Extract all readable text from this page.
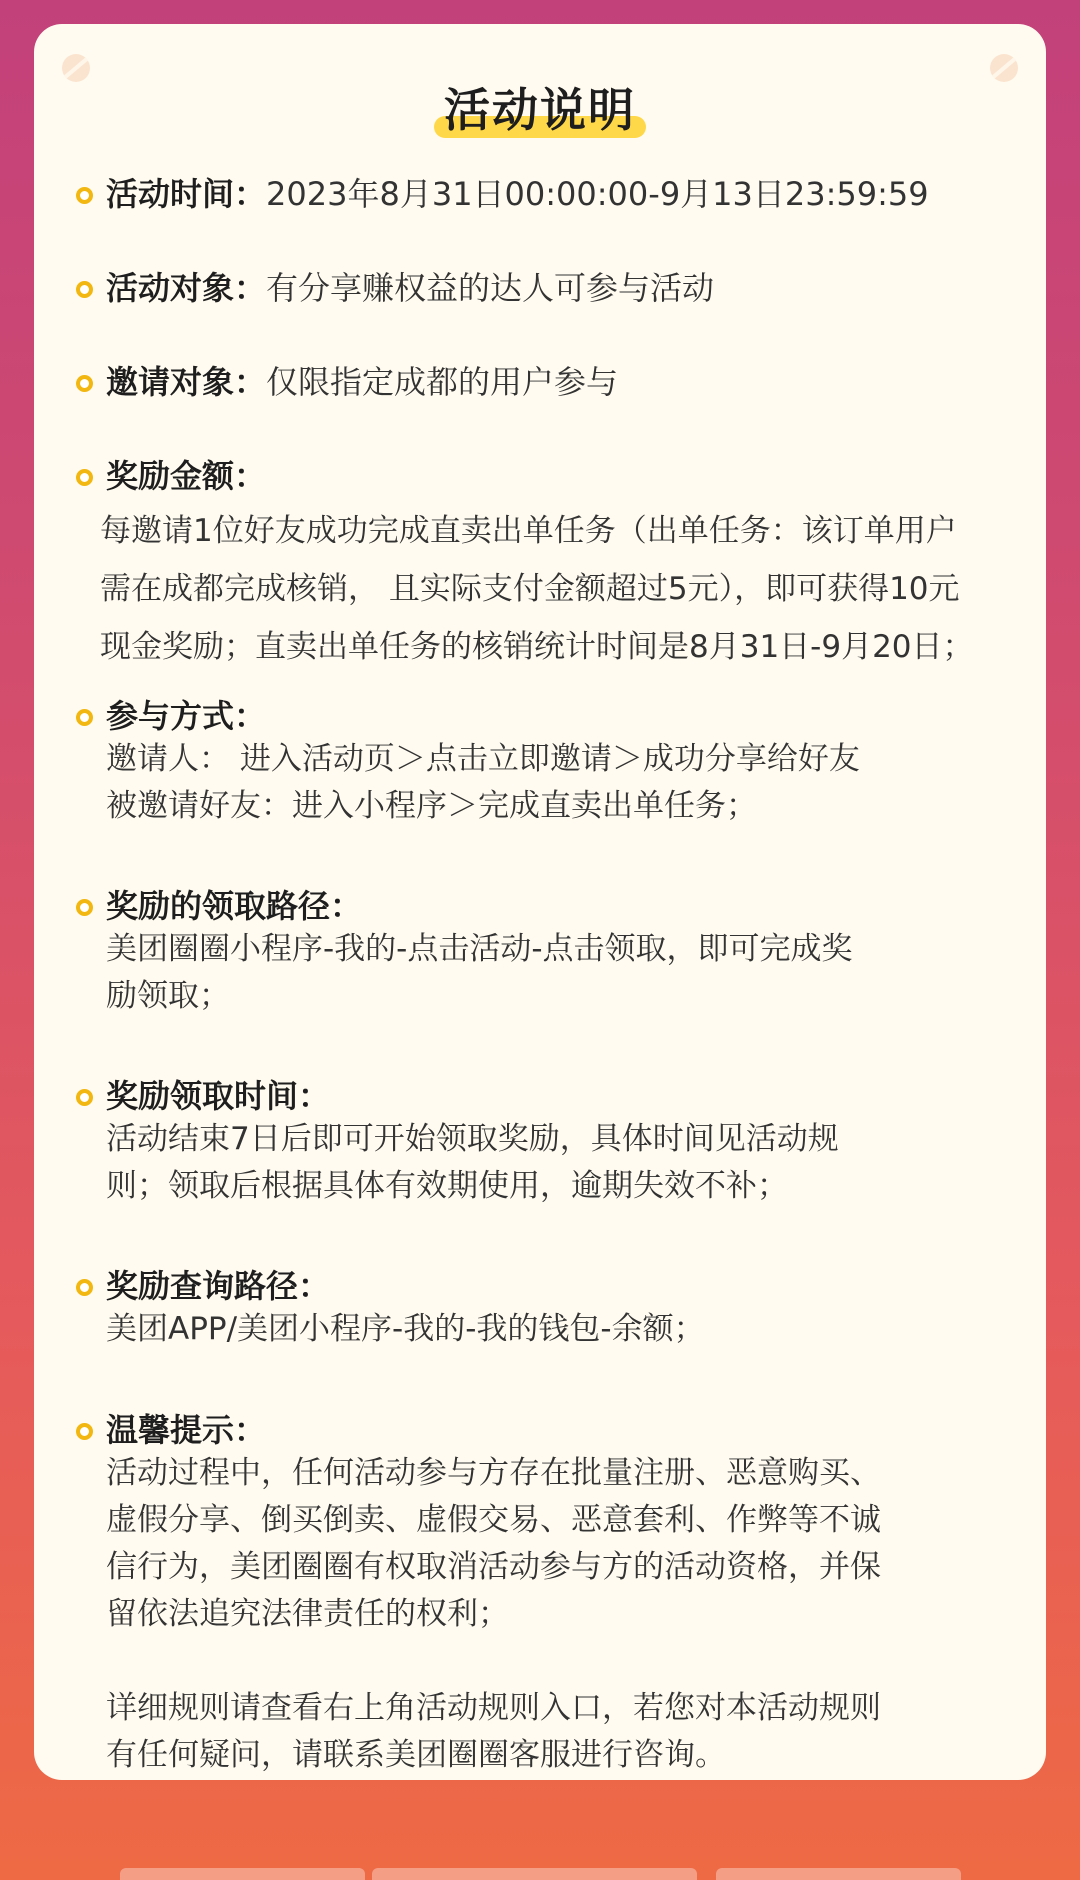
活动说明
活动时间：2023年8月31日00:00:00-9月13日23:59:59
活动对象：有分享赚权益的达人可参与活动
邀请对象：仅限指定成都的用户参与
奖励金额：
每邀请1位好友成功完成直卖出单任务（出单任务：该订单用户
需在成都完成核销， 且实际支付金额超过5元），即可获得10元
现金奖励；直卖出单任务的核销统计时间是8月31日-9月20日；
参与方式：
邀请人： 进入活动页＞点击立即邀请＞成功分享给好友
被邀请好友：进入小程序＞完成直卖出单任务；
奖励的领取路径：
美团圈圈小程序-我的-点击活动-点击领取，即可完成奖
励领取；
奖励领取时间：
活动结束7日后即可开始领取奖励，具体时间见活动规
则；领取后根据具体有效期使用，逾期失效不补；
奖励查询路径：
美团APP/美团小程序-我的-我的钱包-余额；
温馨提示：
活动过程中，任何活动参与方存在批量注册、恶意购买、
虚假分享、倒买倒卖、虚假交易、恶意套利、作弊等不诚
信行为，美团圈圈有权取消活动参与方的活动资格，并保
留依法追究法律责任的权利；
详细规则请查看右上角活动规则入口，若您对本活动规则
有任何疑问，请联系美团圈圈客服进行咨询。
